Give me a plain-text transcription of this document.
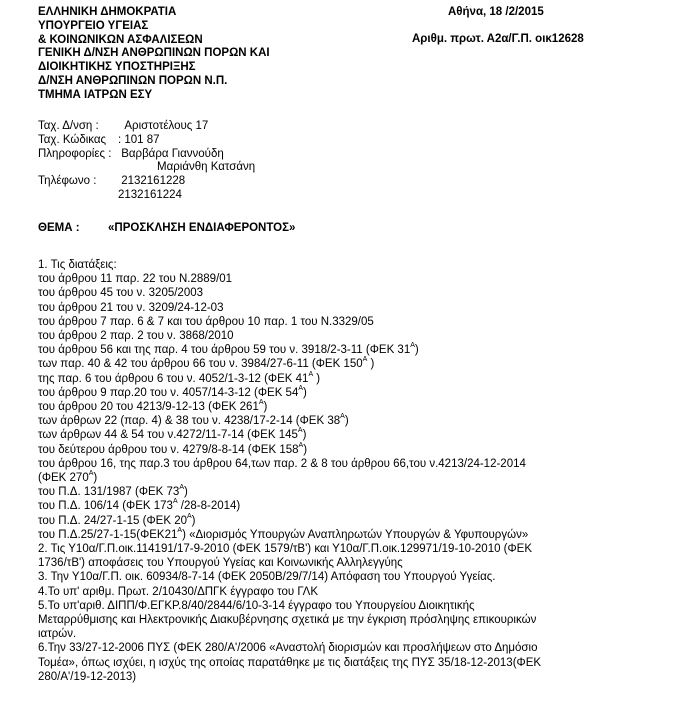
ΕΛΛΗΝΙΚΗ ΔΗΜΟΚΡΑΤΙΑ
ΥΠΟΥΡΓΕΙΟ ΥΓΕΙΑΣ
& ΚΟΙΝΩΝΙΚΩΝ ΑΣΦΑΛΙΣΕΩΝ
ΓΕΝΙΚΗ Δ/ΝΣΗ ΑΝΘΡΩΠΙΝΩΝ ΠΟΡΩΝ ΚΑΙ
ΔΙΟΙΚΗΤΙΚΗΣ ΥΠΟΣΤΗΡΙΞΗΣ
Δ/ΝΣΗ ΑΝΘΡΩΠΙΝΩΝ ΠΟΡΩΝ Ν.Π.
ΤΜΗΜΑ ΙΑΤΡΩΝ ΕΣΥ
Αθήνα, 18 /2/2015
Αριθμ. πρωτ. Α2α/Γ.Π. οικ12628
Ταχ. Δ/νση :
	Αριστοτέλους 17
Ταχ. Κώδικας	: 101 87
Πληροφορίες :
Βαρβάρα Γιαννούδη
Μαριάνθη Κατσάνη
Τηλέφωνο :
	2132161228
2132161224
ΘΕΜΑ : «ΠΡΟΣΚΛΗΣΗ ΕΝΔΙΑΦΕΡΟΝΤΟΣ»
1. Τις διατάξεις:
του άρθρου 11 παρ. 22 του Ν.2889/01
του άρθρου 45 του ν. 3205/2003
του άρθρου 21 του ν. 3209/24-12-03
του άρθρου 7 παρ. 6 & 7 και του άρθρου 10 παρ. 1 του Ν.3329/05
του άρθρου 2 παρ. 2 του ν. 3868/2010
του άρθρου 56 και της παρ. 4 του άρθρου 59 του ν. 3918/2-3-11 (ΦΕΚ $31^A$)
των παρ. 40 & 42 του άρθρου 66 του ν. 3984/27-6-11 (ΦΕΚ $150^A$ )
της παρ. 6 του άρθρου 6 του ν. 4052/1-3-12 (ΦΕΚ $41^A$ )
του άρθρου 9 παρ.20 του ν. 4057/14-3-12 (ΦΕΚ $54^A$)
του άρθρου 20 του 4213/9-12-13 (ΦΕΚ $261^A$)
των άρθρων 22 (παρ. 4) & 38 του ν. 4238/17-2-14 (ΦΕΚ $38^A$)
των άρθρων 44 & 54 του ν.4272/11-7-14 (ΦΕΚ $145^A$)
του δεύτερου άρθρου του ν. 4279/8-8-14 (ΦΕΚ $158^A$)
του άρθρου 16, της παρ.3 του άρθρου 64,των παρ. 2 & 8 του άρθρου 66,του ν.4213/24-12-2014
(ΦΕΚ $270^A$)
του Π.Δ. 131/1987 (ΦΕΚ $73^A$)
του Π.Δ. 106/14 (ΦΕΚ $173^A$ /28-8-2014)
του Π.Δ. 24/27-1-15 (ΦΕΚ $20^A$)
του $\Pi.\Delta.25/27-1-15(\Phi EK21^A)$ «Διορισμός Υπουργών Αναπληρωτών Υπουργών & Υφυπουργών»
2. Τις Υ10α/Γ.Π.οικ.114191/17-9-2010 (ΦΕΚ 1579/τΒ') και Υ10α/Γ.Π.οικ.129971/19-10-2010 (ΦΕΚ
1736/τΒ') αποφάσεις του Υπουργού Υγείας και Κοινωνικής Αλληλεγγύης
3. Την Υ10α/Γ.Π. οικ. 60934/8-7-14 (ΦΕΚ 2050Β/29/7/14) Απόφαση του Υπουργού Υγείας.
4.Το υπ' αριθμ. Πρωτ. 2/10430/ΔΠΓΚ έγγραφο του ΓΛΚ
5.Το υπ'αριθ. ΔΙΠΠ/Φ.ΕΓΚΡ.8/40/2844/6/10-3-14 έγγραφο του Υπουργείου Διοικητικής
Μεταρρύθμισης και Ηλεκτρονικής Διακυβέρνησης σχετικά με την έγκριση πρόσληψης επικουρικών
ιατρών.
6.Την 33/27-12-2006 ΠΥΣ (ΦΕΚ 280/Α'/2006 «Αναστολή διορισμών και προσλήψεων στο Δημόσιο
Τομέα», όπως ισχύει, η ισχύς της οποίας παρατάθηκε με τις διατάξεις της ΠΥΣ 35/18-12-2013(ΦΕΚ
280/Α'/19-12-2013)
